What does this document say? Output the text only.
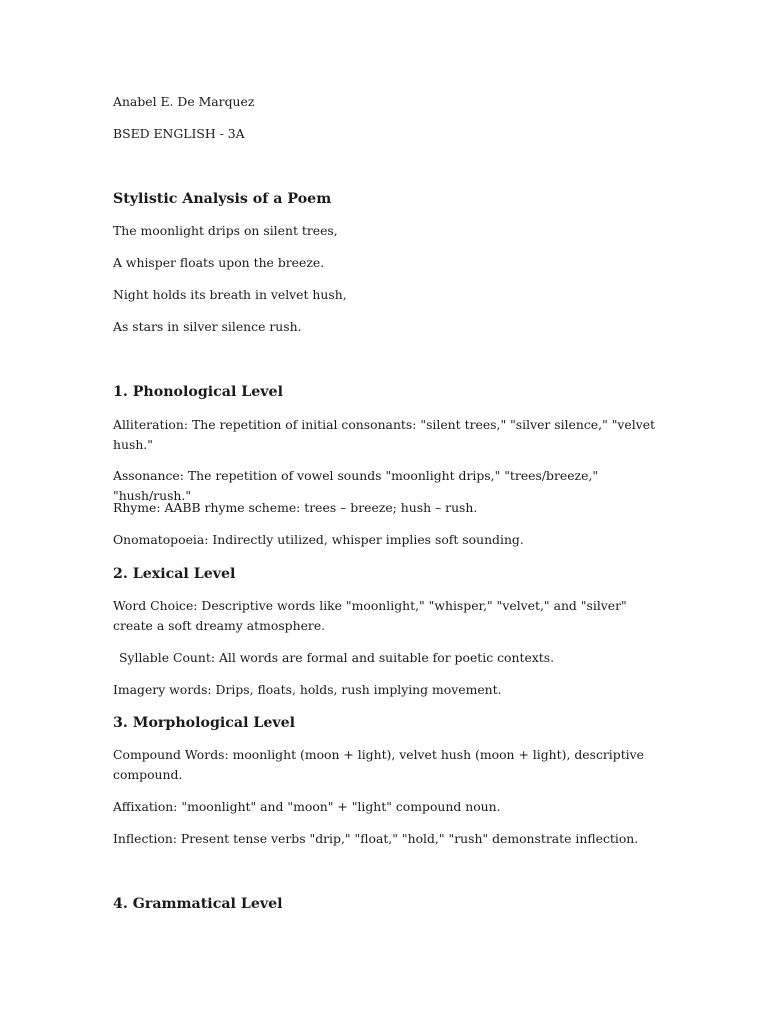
Anabel E. De Marquez

BSED ENGLISH - 3A

Stylistic Analysis of a Poem

The moonlight drips on silent trees,

A whisper floats upon the breeze.

Night holds its breath in velvet hush,

As stars in silver silence rush.

1. Phonological Level

Alliteration: The repetition of initial consonants: "silent trees," "silver silence," "velvet hush."

Assonance: The repetition of vowel sounds "moonlight drips," "trees/breeze," "hush/rush."

Rhyme: AABB rhyme scheme: trees – breeze; hush – rush.

Onomatopoeia: Indirectly utilized, whisper implies soft sounding.

2. Lexical Level

Word Choice: Descriptive words like "moonlight," "whisper," "velvet," and "silver" create a soft dreamy atmosphere.

Syllable Count: All words are formal and suitable for poetic contexts.

Imagery words: Drips, floats, holds, rush implying movement.

3. Morphological Level

Compound Words: moonlight (moon + light), velvet hush (moon + light), descriptive compound.

Affixation: "moonlight" and "moon" + "light" compound noun.

Inflection: Present tense verbs "drip," "float," "hold," "rush" demonstrate inflection.

4. Grammatical Level
